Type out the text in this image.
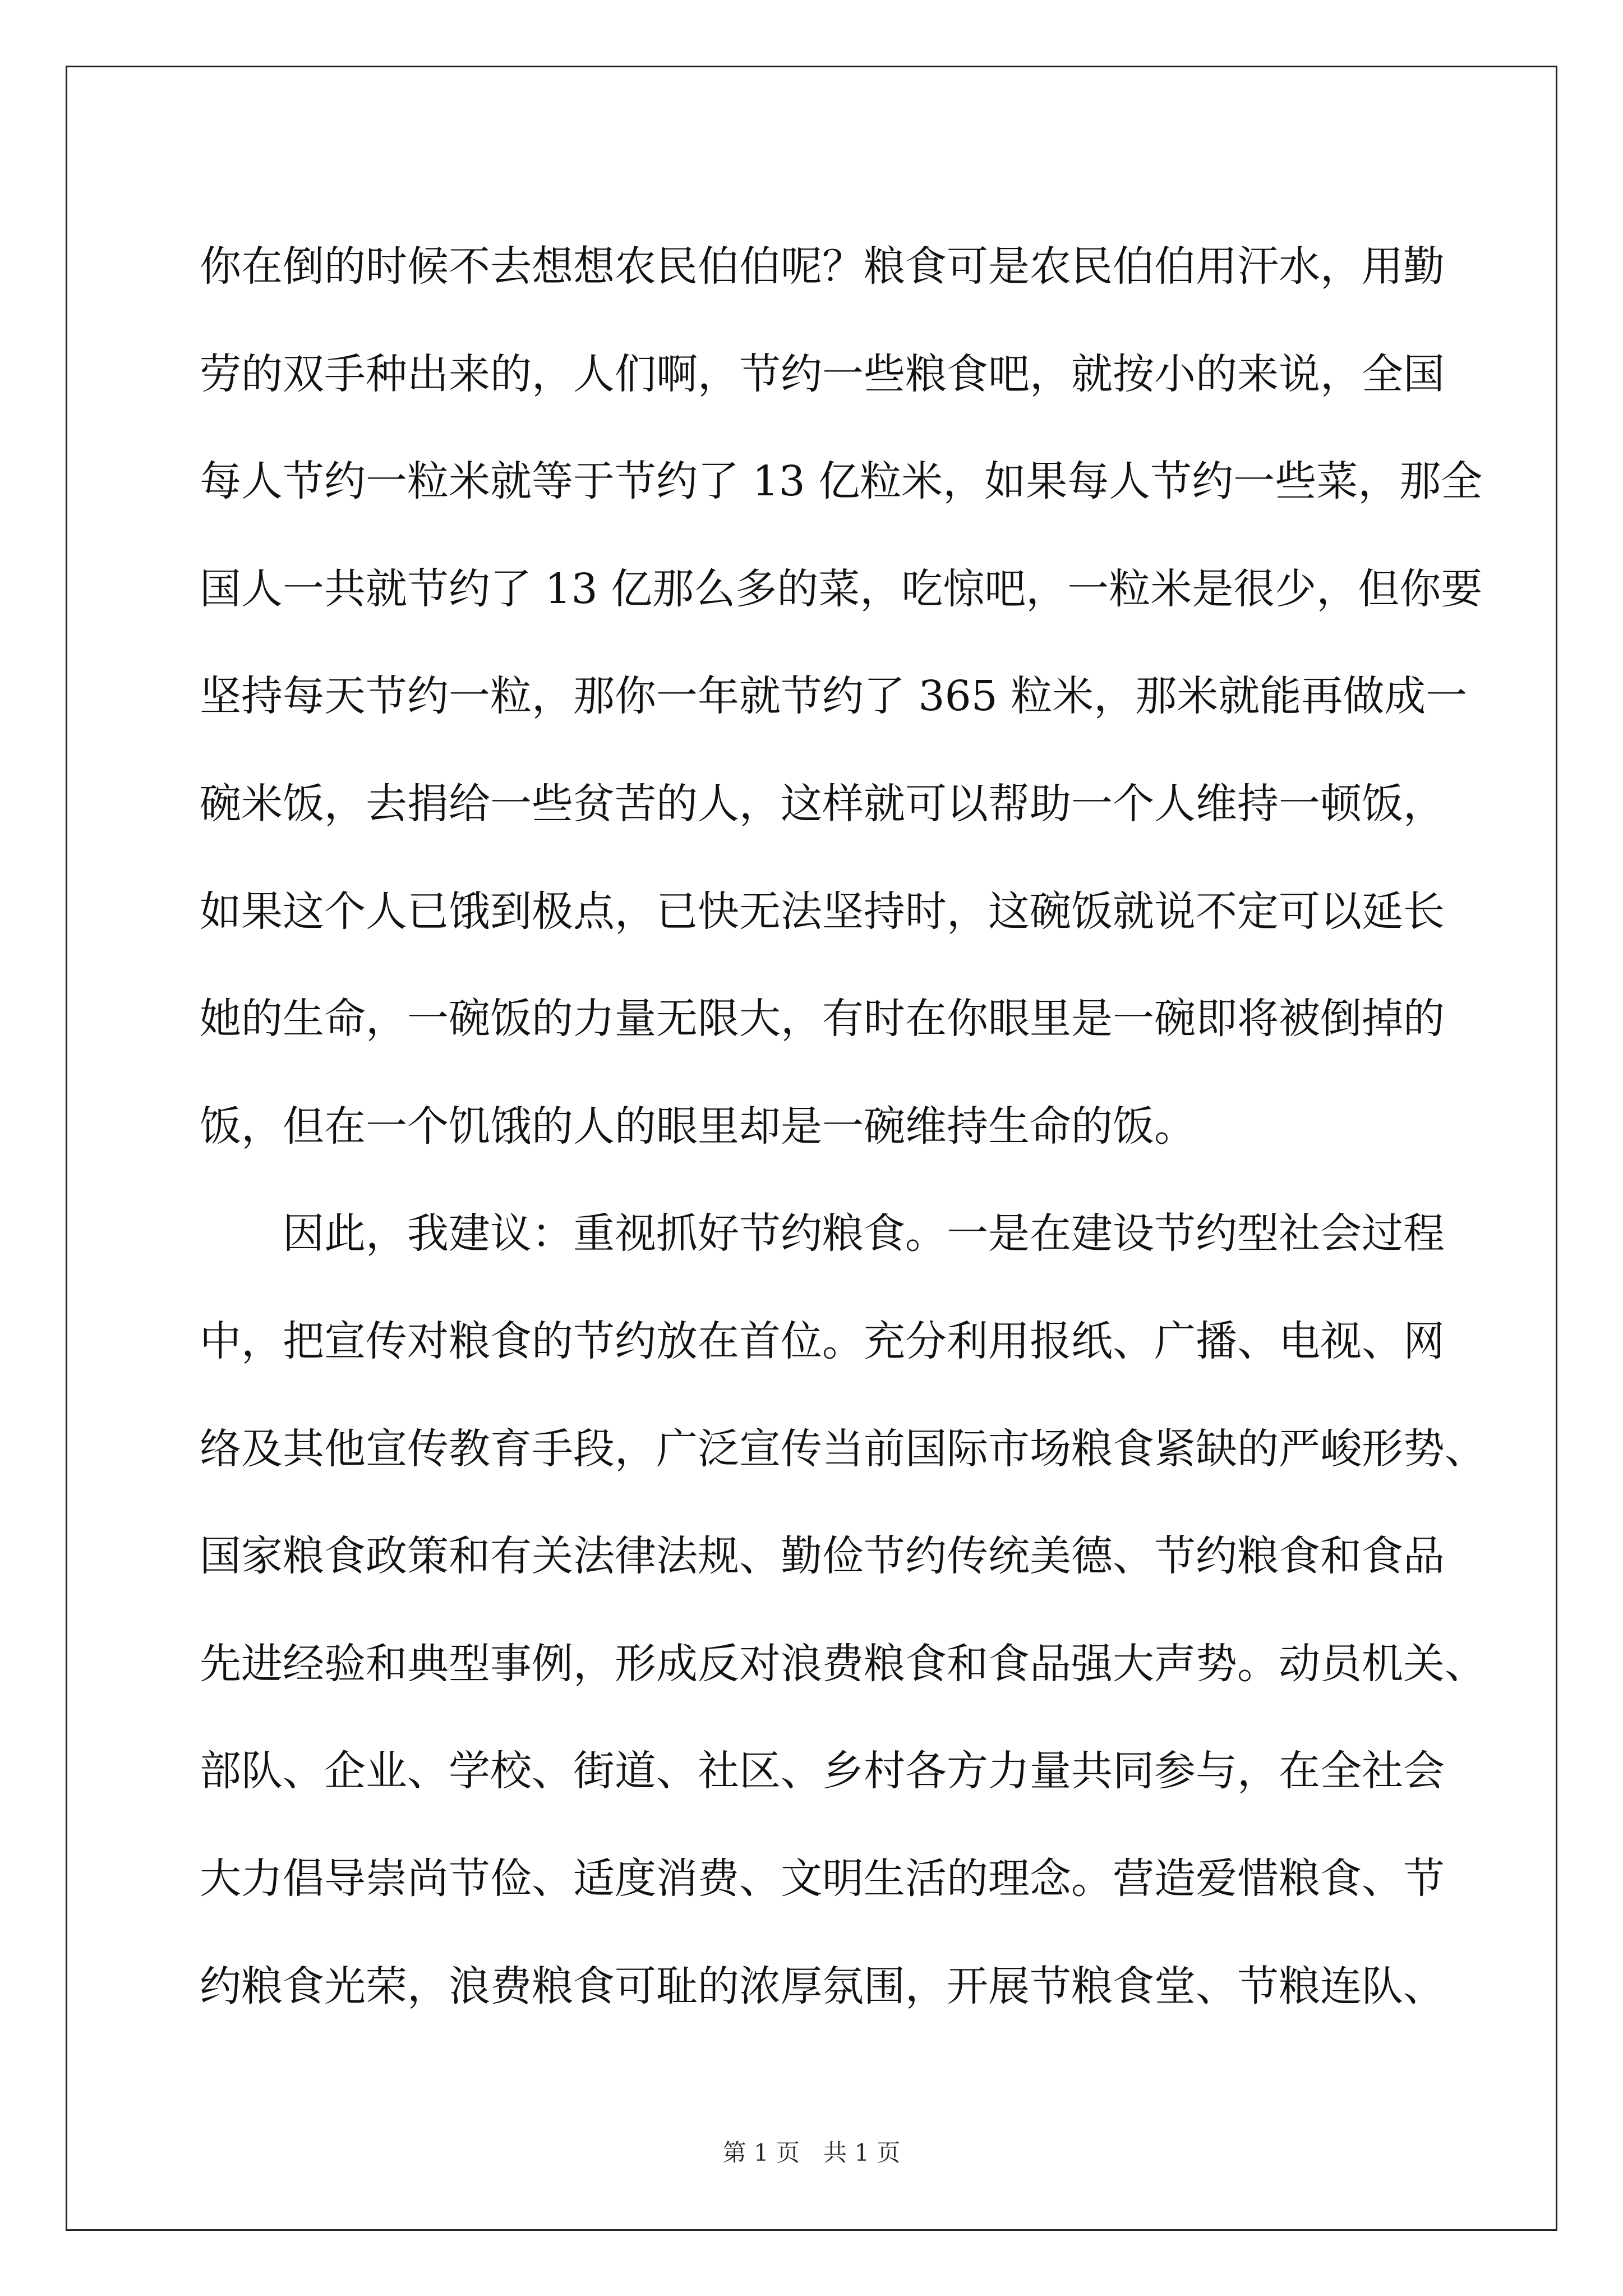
你在倒的时候不去想想农民伯伯呢？粮食可是农民伯伯用汗水，用勤
劳的双手种出来的，人们啊，节约一些粮食吧，就按小的来说，全国
每人节约一粒米就等于节约了 13 亿粒米，如果每人节约一些菜，那全
国人一共就节约了 13 亿那么多的菜，吃惊吧，一粒米是很少，但你要
坚持每天节约一粒，那你一年就节约了 365 粒米，那米就能再做成一
碗米饭，去捐给一些贫苦的人，这样就可以帮助一个人维持一顿饭，
如果这个人已饿到极点，已快无法坚持时，这碗饭就说不定可以延长
她的生命，一碗饭的力量无限大，有时在你眼里是一碗即将被倒掉的
饭，但在一个饥饿的人的眼里却是一碗维持生命的饭。
因此，我建议：重视抓好节约粮食。一是在建设节约型社会过程
中，把宣传对粮食的节约放在首位。充分利用报纸、广播、电视、网
络及其他宣传教育手段，广泛宣传当前国际市场粮食紧缺的严峻形势、
国家粮食政策和有关法律法规、勤俭节约传统美德、节约粮食和食品
先进经验和典型事例，形成反对浪费粮食和食品强大声势。动员机关、
部队、企业、学校、街道、社区、乡村各方力量共同参与，在全社会
大力倡导崇尚节俭、适度消费、文明生活的理念。营造爱惜粮食、节
约粮食光荣，浪费粮食可耻的浓厚氛围，开展节粮食堂、节粮连队、
第 1 页　共 1 页
